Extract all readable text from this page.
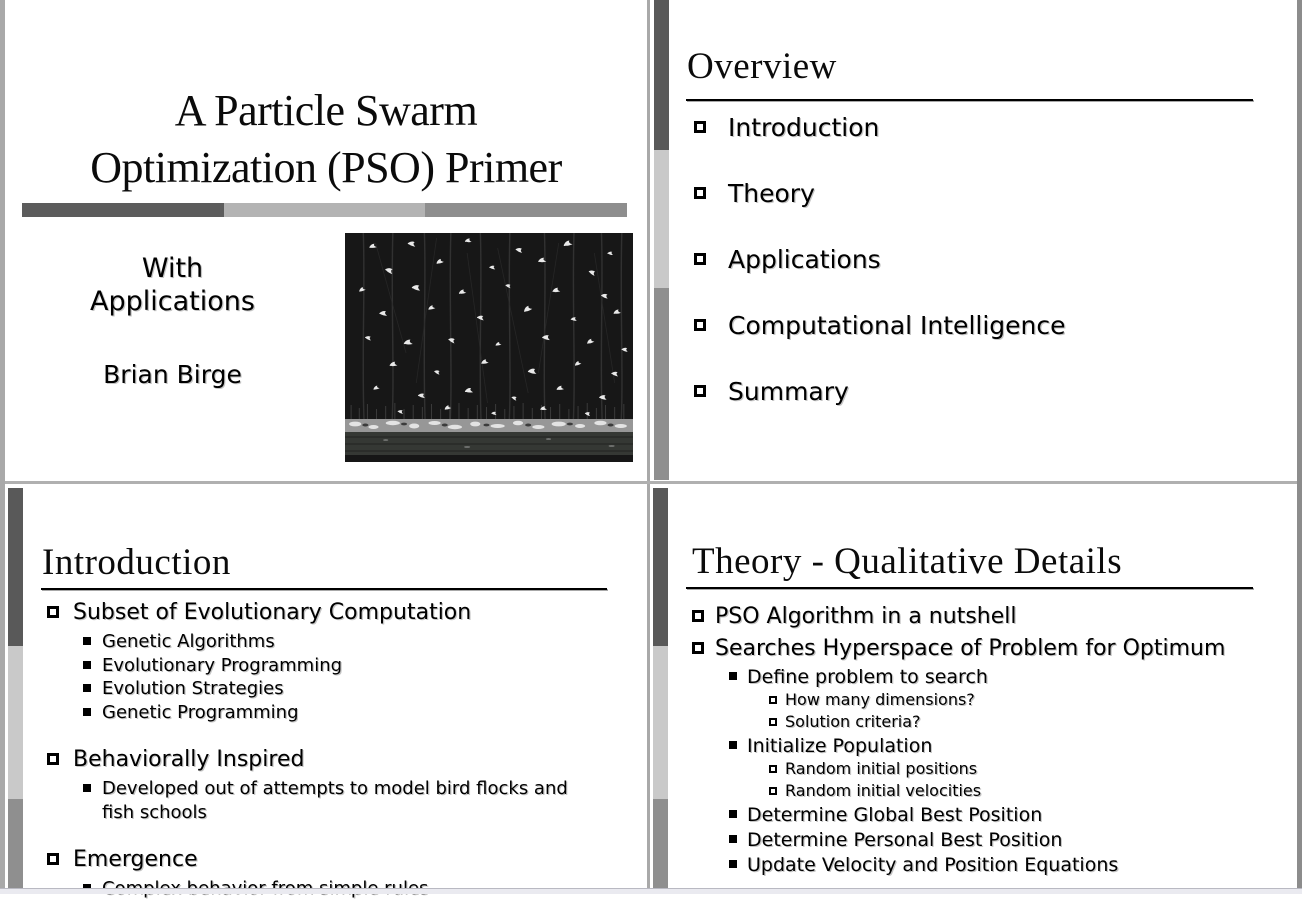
A Particle Swarm
Optimization (PSO) Primer
With
Applications
Brian Birge
Overview
Introduction
Theory
Applications
Computational Intelligence
Summary
Introduction
Subset of Evolutionary Computation
Genetic Algorithms
Evolutionary Programming
Evolution Strategies
Genetic Programming
Behaviorally Inspired
Developed out of attempts to model bird flocks and fish schools
Emergence
Theory - Qualitative Details
PSO Algorithm in a nutshell
Searches Hyperspace of Problem for Optimum
Define problem to search
How many dimensions?
Solution criteria?
Initialize Population
Random initial positions
Random initial velocities
Determine Global Best Position
Determine Personal Best Position
Update Velocity and Position Equations
